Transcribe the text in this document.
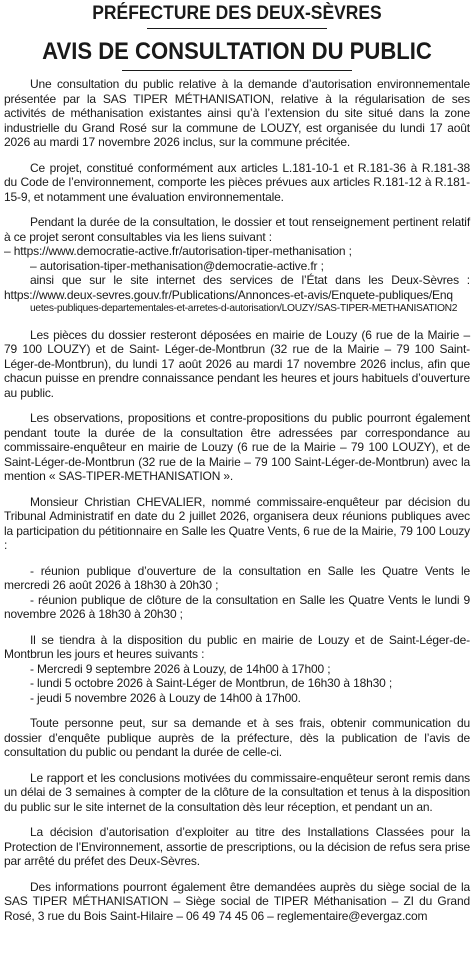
PRÉFECTURE DES DEUX-SÈVRES
AVIS DE CONSULTATION DU PUBLIC

Une consultation du public relative à la demande d’autorisation environnementale présentée par la SAS TIPER MÉTHANISATION, relative à la régularisation de ses activités de méthanisation existantes ainsi qu’à l’extension du site situé dans la zone industrielle du Grand Rosé sur la commune de LOUZY, est organisée du lundi 17 août 2026 au mardi 17 novembre 2026 inclus, sur la commune précitée.

Ce projet, constitué conformément aux articles L.181-10-1 et R.181-36 à R.181-38 du Code de l’environnement, comporte les pièces prévues aux articles R.181-12 à R.181-15-9, et notamment une évaluation environnementale.

Pendant la durée de la consultation, le dossier et tout renseignement pertinent relatif à ce projet seront consultables via les liens suivant :
– https://www.democratie-active.fr/autorisation-tiper-methanisation ;
– autorisation-tiper-methanisation@democratie-active.fr ;
ainsi que sur le site internet des services de l’État dans les Deux-Sèvres : https://www.deux-sevres.gouv.fr/Publications/Annonces-et-avis/Enquete-publiques/Enq
uetes-publiques-departementales-et-arretes-d-autorisation/LOUZY/SAS-TIPER-METHANISATION2

Les pièces du dossier resteront déposées en mairie de Louzy (6 rue de la Mairie – 79 100 LOUZY) et de Saint- Léger-de-Montbrun (32 rue de la Mairie – 79 100 Saint-Léger-de-Montbrun), du lundi 17 août 2026 au mardi 17 novembre 2026 inclus, afin que chacun puisse en prendre connaissance pendant les heures et jours habituels d’ouverture au public.

Les observations, propositions et contre-propositions du public pourront également pendant toute la durée de la consultation être adressées par correspondance au commissaire-enquêteur en mairie de Louzy (6 rue de la Mairie – 79 100 LOUZY), et de Saint-Léger-de-Montbrun (32 rue de la Mairie – 79 100 Saint-Léger-de-Montbrun) avec la mention « SAS-TIPER-METHANISATION ».

Monsieur Christian CHEVALIER, nommé commissaire-enquêteur par décision du Tribunal Administratif en date du 2 juillet 2026, organisera deux réunions publiques avec la participation du pétitionnaire en Salle les Quatre Vents, 6 rue de la Mairie, 79 100 Louzy :

- réunion publique d’ouverture de la consultation en Salle les Quatre Vents le mercredi 26 août 2026 à 18h30 à 20h30 ;
- réunion publique de clôture de la consultation en Salle les Quatre Vents le lundi 9 novembre 2026 à 18h30 à 20h30 ;

Il se tiendra à la disposition du public en mairie de Louzy et de Saint-Léger-de-Montbrun les jours et heures suivants :
- Mercredi 9 septembre 2026 à Louzy, de 14h00 à 17h00 ;
- lundi 5 octobre 2026 à Saint-Léger de Montbrun, de 16h30 à 18h30 ;
- jeudi 5 novembre 2026 à Louzy de 14h00 à 17h00.

Toute personne peut, sur sa demande et à ses frais, obtenir communication du dossier d’enquête publique auprès de la préfecture, dès la publication de l’avis de consultation du public ou pendant la durée de celle-ci.

Le rapport et les conclusions motivées du commissaire-enquêteur seront remis dans un délai de 3 semaines à compter de la clôture de la consultation et tenus à la disposition du public sur le site internet de la consultation dès leur réception, et pendant un an.

La décision d’autorisation d’exploiter au titre des Installations Classées pour la Protection de l’Environnement, assortie de prescriptions, ou la décision de refus sera prise par arrêté du préfet des Deux-Sèvres.

Des informations pourront également être demandées auprès du siège social de la SAS TIPER MÉTHANISATION – Siège social de TIPER Méthanisation – ZI du Grand Rosé, 3 rue du Bois Saint-Hilaire – 06 49 74 45 06 – reglementaire@evergaz.com
